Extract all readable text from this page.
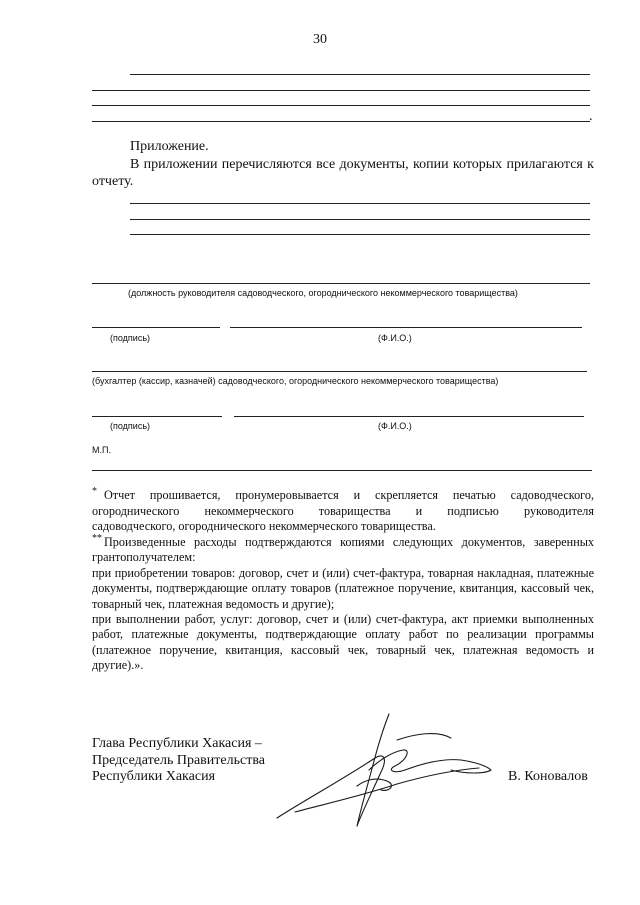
30
.
Приложение.
В приложении перечисляются все документы, копии которых прилагаются к
отчету.
(должность руководителя садоводческого, огороднического некоммерческого товарищества)
(подпись)	(Ф.И.О.)
(бухгалтер (кассир, казначей) садоводческого, огороднического некоммерческого товарищества)
(подпись)	(Ф.И.О.)
М.П.
* Отчет прошивается, пронумеровывается и скрепляется печатью садоводческого,
огороднического некоммерческого товарищества и подписью руководителя
садоводческого, огороднического некоммерческого товарищества.
** Произведенные расходы подтверждаются копиями следующих документов, заверенных
грантополучателем:
при приобретении товаров: договор, счет и (или) счет-фактура, товарная накладная, платежные документы, подтверждающие оплату товаров (платежное поручение, квитанция, кассовый чек, товарный чек, платежная ведомость и другие);
при выполнении работ, услуг: договор, счет и (или) счет-фактура, акт приемки выполненных работ, платежные документы, подтверждающие оплату работ по реализации программы (платежное поручение, квитанция, кассовый чек, товарный чек, платежная ведомость и другие).».
Глава Республики Хакасия –
Председатель Правительства
Республики Хакасия	В. Коновалов
